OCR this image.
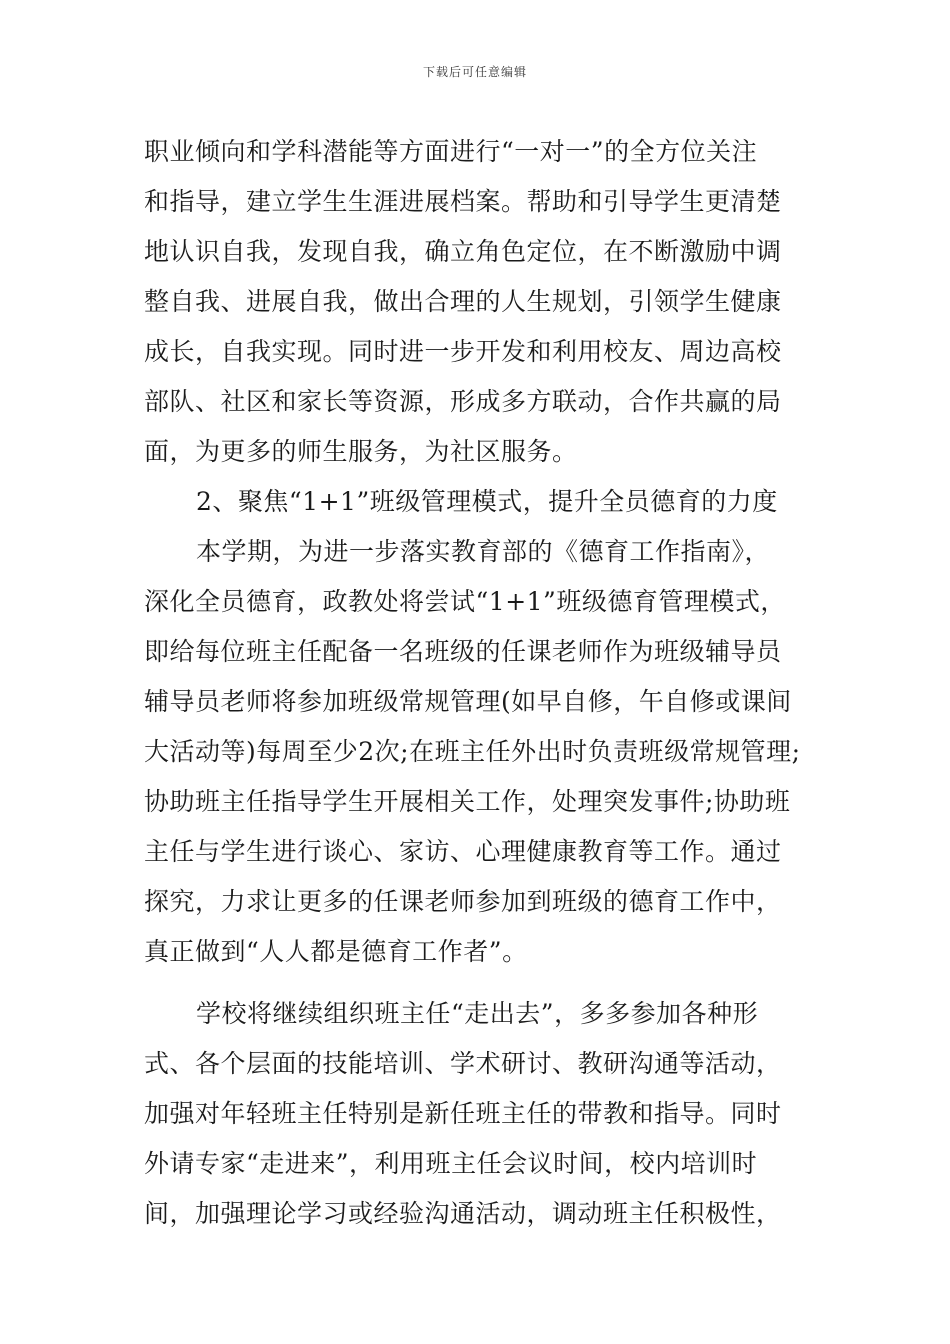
下载后可任意编辑
职业倾向和学科潜能等方面进行“一对一”的全方位关注
和指导，建立学生生涯进展档案。帮助和引导学生更清楚
地认识自我，发现自我，确立角色定位，在不断激励中调
整自我、进展自我，做出合理的人生规划，引领学生健康
成长，自我实现。同时进一步开发和利用校友、周边高校
部队、社区和家长等资源，形成多方联动，合作共赢的局
面，为更多的师生服务，为社区服务。
2、聚焦“1+1”班级管理模式，提升全员德育的力度
本学期，为进一步落实教育部的《德育工作指南》，
深化全员德育，政教处将尝试“1+1”班级德育管理模式，
即给每位班主任配备一名班级的任课老师作为班级辅导员
辅导员老师将参加班级常规管理(如早自修，午自修或课间
大活动等)每周至少2次;在班主任外出时负责班级常规管理;
协助班主任指导学生开展相关工作，处理突发事件;协助班
主任与学生进行谈心、家访、心理健康教育等工作。通过
探究，力求让更多的任课老师参加到班级的德育工作中，
真正做到“人人都是德育工作者”。
学校将继续组织班主任“走出去”，多多参加各种形
式、各个层面的技能培训、学术研讨、教研沟通等活动，
加强对年轻班主任特别是新任班主任的带教和指导。同时
外请专家“走进来”，利用班主任会议时间，校内培训时
间，加强理论学习或经验沟通活动，调动班主任积极性，
